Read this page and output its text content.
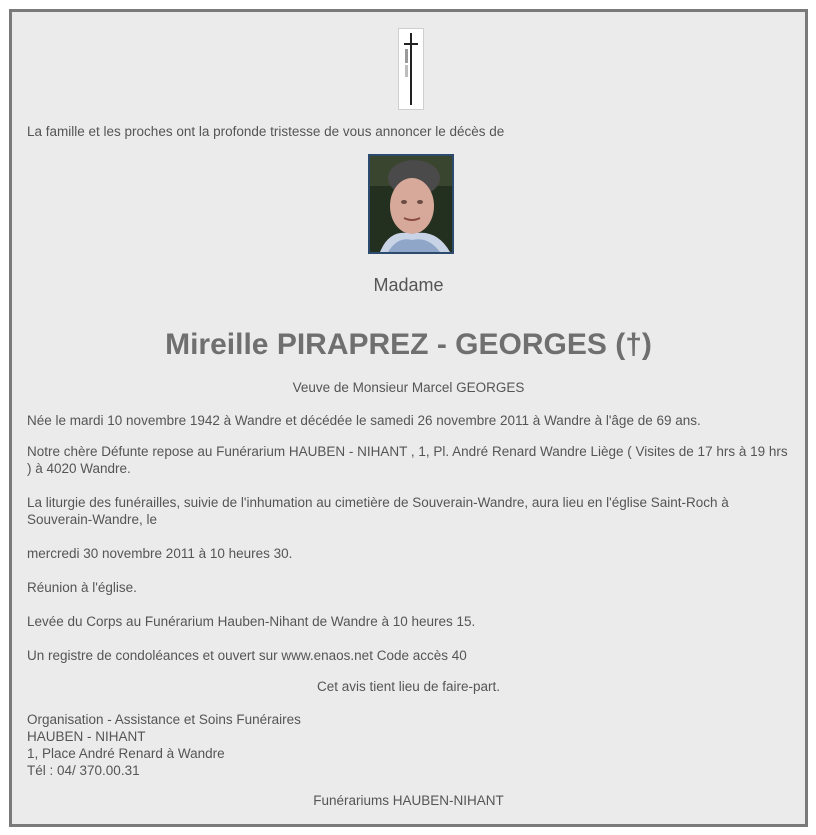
La famille et les proches ont la profonde tristesse de vous annoncer le décès de
Madame
Mireille PIRAPREZ - GEORGES (†)
Veuve de Monsieur Marcel GEORGES
Née le mardi 10 novembre 1942 à Wandre et décédée le samedi 26 novembre 2011 à Wandre à l'âge de 69 ans.
Notre chère Défunte repose au Funérarium HAUBEN - NIHANT , 1, Pl. André Renard Wandre Liège ( Visites de 17 hrs à 19 hrs ) à 4020 Wandre.
La liturgie des funérailles, suivie de l'inhumation au cimetière de Souverain-Wandre, aura lieu en l'église Saint-Roch à Souverain-Wandre, le
mercredi 30 novembre 2011 à 10 heures 30.
Réunion à l'église.
Levée du Corps au Funérarium Hauben-Nihant de Wandre à 10 heures 15.
Un registre de condoléances et ouvert sur www.enaos.net Code accès 40
Cet avis tient lieu de faire-part.
Organisation - Assistance et Soins Funéraires
HAUBEN - NIHANT
1, Place André Renard à Wandre
Tél : 04/ 370.00.31
Funérariums HAUBEN-NIHANT
